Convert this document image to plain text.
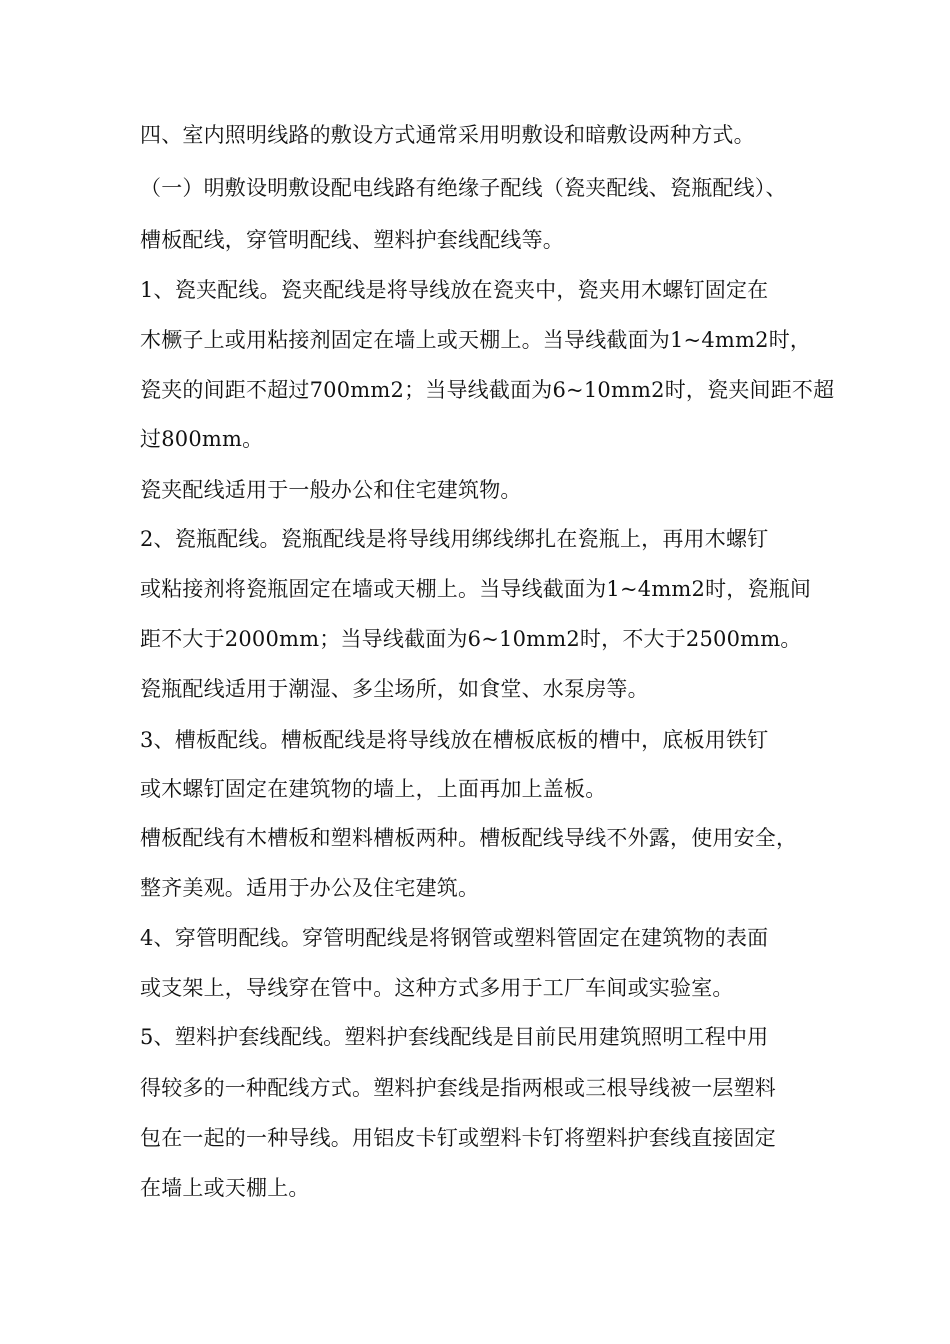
四、室内照明线路的敷设方式通常采用明敷设和暗敷设两种方式。
（一）明敷设明敷设配电线路有绝缘子配线（瓷夹配线、瓷瓶配线）、
槽板配线，穿管明配线、塑料护套线配线等。
1、瓷夹配线。瓷夹配线是将导线放在瓷夹中，瓷夹用木螺钉固定在
木橛子上或用粘接剂固定在墙上或天棚上。当导线截面为1~4mm2时，
瓷夹的间距不超过700mm2；当导线截面为6~10mm2时，瓷夹间距不超
过800mm。
瓷夹配线适用于一般办公和住宅建筑物。
2、瓷瓶配线。瓷瓶配线是将导线用绑线绑扎在瓷瓶上，再用木螺钉
或粘接剂将瓷瓶固定在墙或天棚上。当导线截面为1~4mm2时，瓷瓶间
距不大于2000mm；当导线截面为6~10mm2时，不大于2500mm。
瓷瓶配线适用于潮湿、多尘场所，如食堂、水泵房等。
3、槽板配线。槽板配线是将导线放在槽板底板的槽中，底板用铁钉
或木螺钉固定在建筑物的墙上，上面再加上盖板。
槽板配线有木槽板和塑料槽板两种。槽板配线导线不外露，使用安全，
整齐美观。适用于办公及住宅建筑。
4、穿管明配线。穿管明配线是将钢管或塑料管固定在建筑物的表面
或支架上，导线穿在管中。这种方式多用于工厂车间或实验室。
5、塑料护套线配线。塑料护套线配线是目前民用建筑照明工程中用
得较多的一种配线方式。塑料护套线是指两根或三根导线被一层塑料
包在一起的一种导线。用铝皮卡钉或塑料卡钉将塑料护套线直接固定
在墙上或天棚上。
